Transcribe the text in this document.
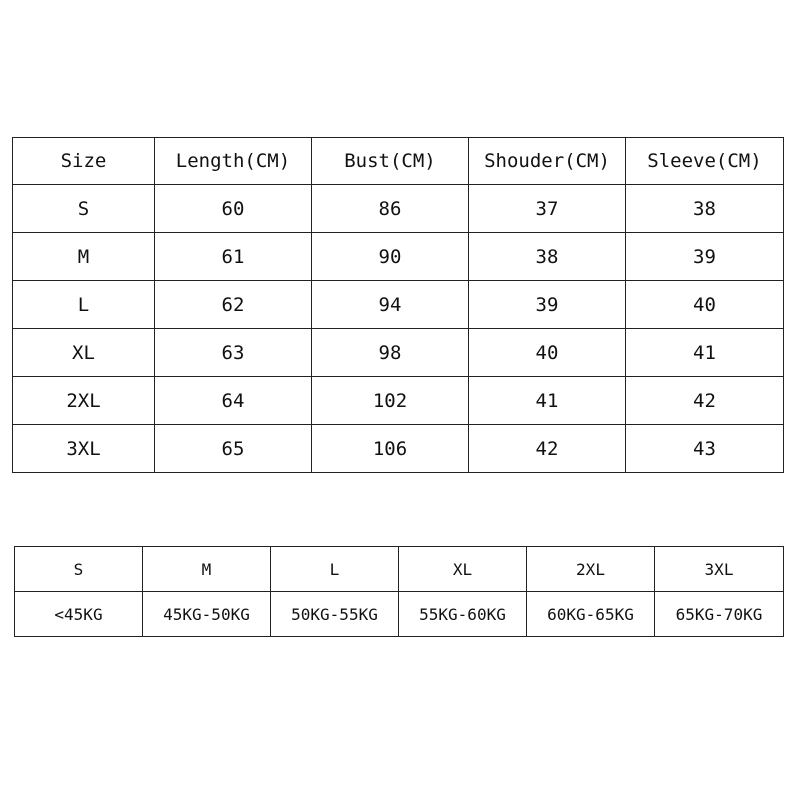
Size	Length(CM)	Bust(CM)	Shouder(CM)	Sleeve(CM)
S	60	86	37	38
M	61	90	38	39
L	62	94	39	40
XL	63	98	40	41
2XL	64	102	41	42
3XL	65	106	42	43
S	M	L	XL	2XL	3XL
<45KG	45KG-50KG	50KG-55KG	55KG-60KG	60KG-65KG	65KG-70KG
